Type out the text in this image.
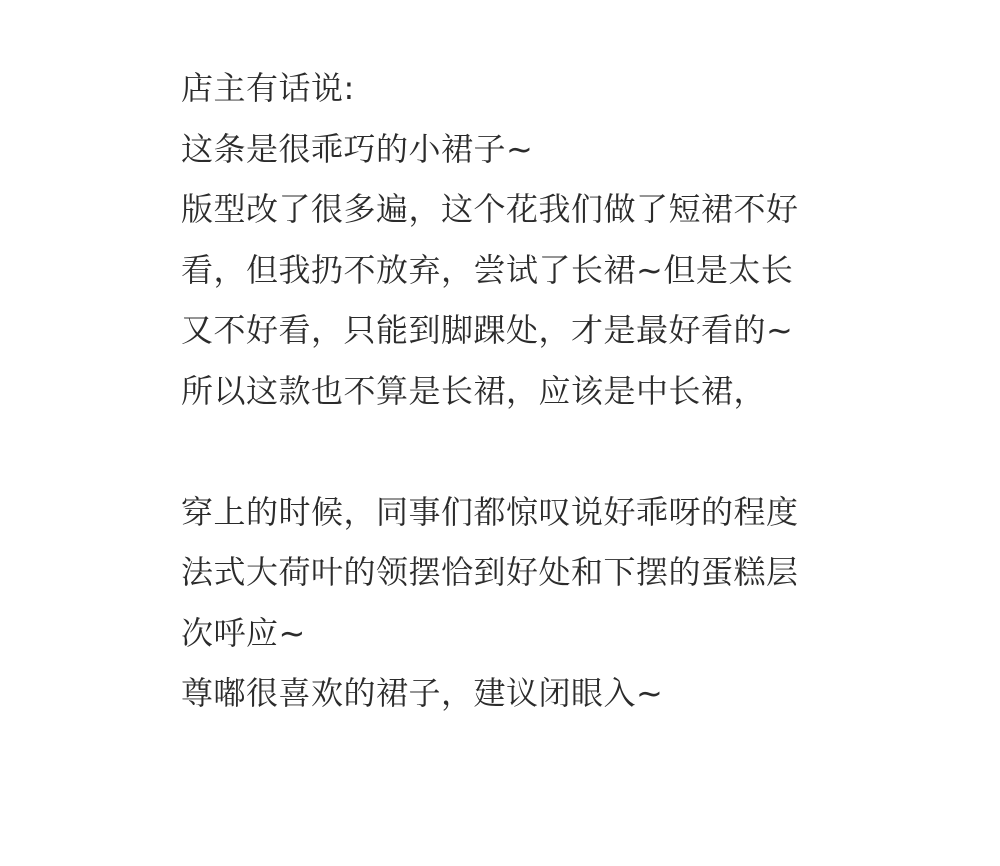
店主有话说:
这条是很乖巧的小裙子~
版型改了很多遍，这个花我们做了短裙不好
看，但我扔不放弃，尝试了长裙~但是太长
又不好看，只能到脚踝处，才是最好看的~
所以这款也不算是长裙，应该是中长裙，
穿上的时候，同事们都惊叹说好乖呀的程度
法式大荷叶的领摆恰到好处和下摆的蛋糕层
次呼应~
尊嘟很喜欢的裙子，建议闭眼入~
